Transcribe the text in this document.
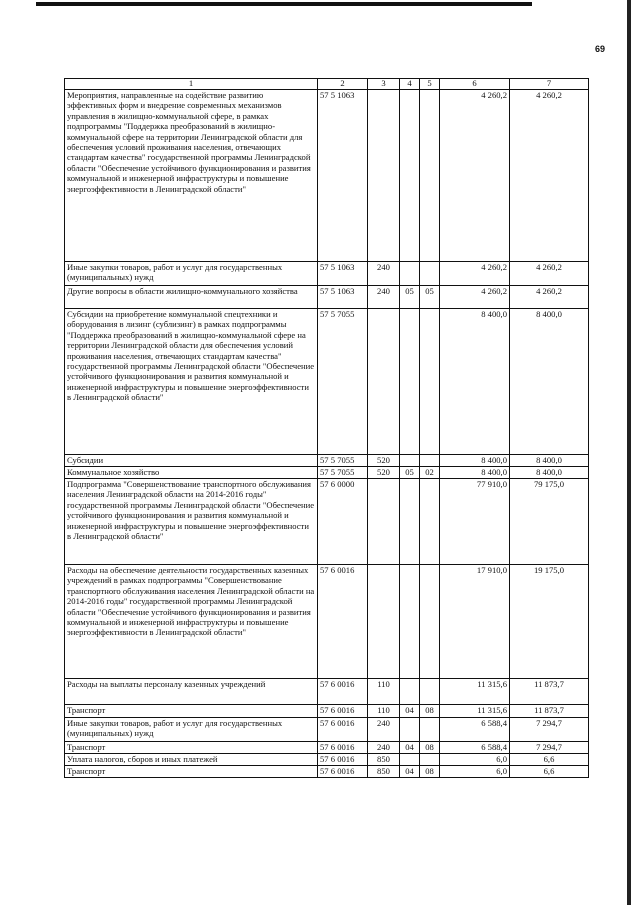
69
1	2	3	4	5	6	7
Мероприятия, направленные на содействие развитию эффективных форм и внедрение современных механизмов управления в жилищно-коммунальной сфере, в рамках подпрограммы "Поддержка преобразований в жилищно-коммунальной сфере на территории Ленинградской области для обеспечения условий проживания населения, отвечающих стандартам качества" государственной программы Ленинградской области "Обеспечение устойчивого функционирования и развития коммунальной и инженерной инфраструктуры и повышение энергоэффективности в Ленинградской области"	57 5 1063				4 260,2	4 260,2
Иные закупки товаров, работ и услуг для государственных (муниципальных) нужд	57 5 1063	240			4 260,2	4 260,2
Другие вопросы в области жилищно-коммунального хозяйства	57 5 1063	240	05	05	4 260,2	4 260,2
Субсидии на приобретение коммунальной спецтехники и оборудования в лизинг (сублизинг) в рамках подпрограммы "Поддержка преобразований в жилищно-коммунальной сфере на территории Ленинградской области для обеспечения условий проживания населения, отвечающих стандартам качества" государственной программы Ленинградской области "Обеспечение устойчивого функционирования и развития коммунальной и инженерной инфраструктуры и повышение энергоэффективности в Ленинградской области"	57 5 7055				8 400,0	8 400,0
Субсидии	57 5 7055	520			8 400,0	8 400,0
Коммунальное хозяйство	57 5 7055	520	05	02	8 400,0	8 400,0
Подпрограмма "Совершенствование транспортного обслуживания населения Ленинградской области на 2014-2016 годы" государственной программы Ленинградской области "Обеспечение устойчивого функционирования и развития коммунальной и инженерной инфраструктуры и повышение энергоэффективности в Ленинградской области"	57 6 0000				77 910,0	79 175,0
Расходы на обеспечение деятельности государственных казенных учреждений в рамках подпрограммы "Совершенствование транспортного обслуживания населения Ленинградской области на 2014-2016 годы" государственной программы Ленинградской области "Обеспечение устойчивого функционирования и развития коммунальной и инженерной инфраструктуры и повышение энергоэффективности в Ленинградской области"	57 6 0016				17 910,0	19 175,0
Расходы на выплаты персоналу казенных учреждений	57 6 0016	110			11 315,6	11 873,7
Транспорт	57 6 0016	110	04	08	11 315,6	11 873,7
Иные закупки товаров, работ и услуг для государственных (муниципальных) нужд	57 6 0016	240			6 588,4	7 294,7
Транспорт	57 6 0016	240	04	08	6 588,4	7 294,7
Уплата налогов, сборов и иных платежей	57 6 0016	850			6,0	6,6
Транспорт	57 6 0016	850	04	08	6,0	6,6
